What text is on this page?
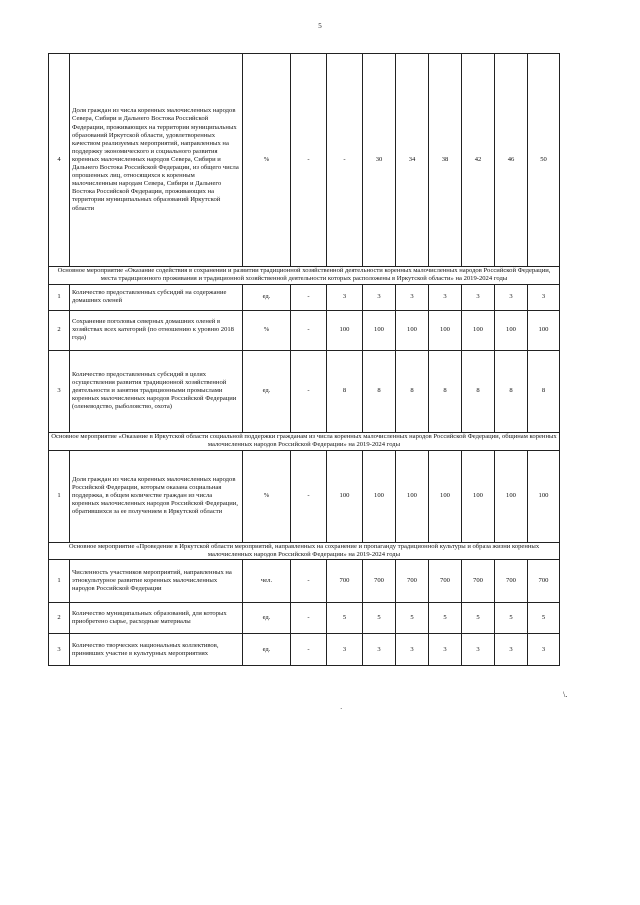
5
4	Доля граждан из числа коренных малочисленных народов Севера, Сибири и Дальнего Востока Российской Федерации, проживающих на территории муниципальных образований Иркутской области, удовлетворенных качеством реализуемых мероприятий, направленных на поддержку экономического и социального развития коренных малочисленных народов Севера, Сибири и Дальнего Востока Российской Федерации, из общего числа опрошенных лиц, относящихся к коренным малочисленным народам Севера, Сибири и Дальнего Востока Российской Федерации, проживающих на территории муниципальных образований Иркутской области	%	-	-	30	34	38	42	46	50
Основное мероприятие «Оказание содействия в сохранении и развитии традиционной хозяйственной деятельности коренных малочисленных народов Российской Федерации, места традиционного проживания и традиционной хозяйственной деятельности которых расположены в Иркутской области» на 2019-2024 годы										
1	Количество предоставленных субсидий на содержание домашних оленей	ед.	-	3	3	3	3	3	3	3
2	Сохранение поголовья северных домашних оленей в хозяйствах всех категорий (по отношению к уровню 2018 года)	%	-	100	100	100	100	100	100	100
3	Количество предоставленных субсидий в целях осуществления развития традиционной хозяйственной деятельности и занятия традиционными промыслами коренных малочисленных народов Российской Федерации (оленеводство, рыболовство, охота)	ед.	-	8	8	8	8	8	8	8
Основное мероприятие «Оказание в Иркутской области социальной поддержки гражданам из числа коренных малочисленных народов Российской Федерации, общинам коренных малочисленных народов Российской Федерации» на 2019-2024 годы										
1	Доля граждан из числа коренных малочисленных народов Российской Федерации, которым оказана социальная поддержка, в общем количестве граждан из числа коренных малочисленных народов Российской Федерации, обратившихся за ее получением в Иркутской области	%	-	100	100	100	100	100	100	100
Основное мероприятие «Проведение в Иркутской области мероприятий, направленных на сохранение и пропаганду традиционной культуры и образа жизни коренных малочисленных народов Российской Федерации» на 2019-2024 годы										
1	Численность участников мероприятий, направленных на этнокультурное развитие коренных малочисленных народов Российской Федерации	чел.	-	700	700	700	700	700	700	700
2	Количество муниципальных образований, для которых приобретено сырье, расходные материалы	ед.	-	5	5	5	5	5	5	5
3	Количество творческих национальных коллективов, принявших участие в культурных мероприятиях	ед.	-	3	3	3	3	3	3	3
\.
·
